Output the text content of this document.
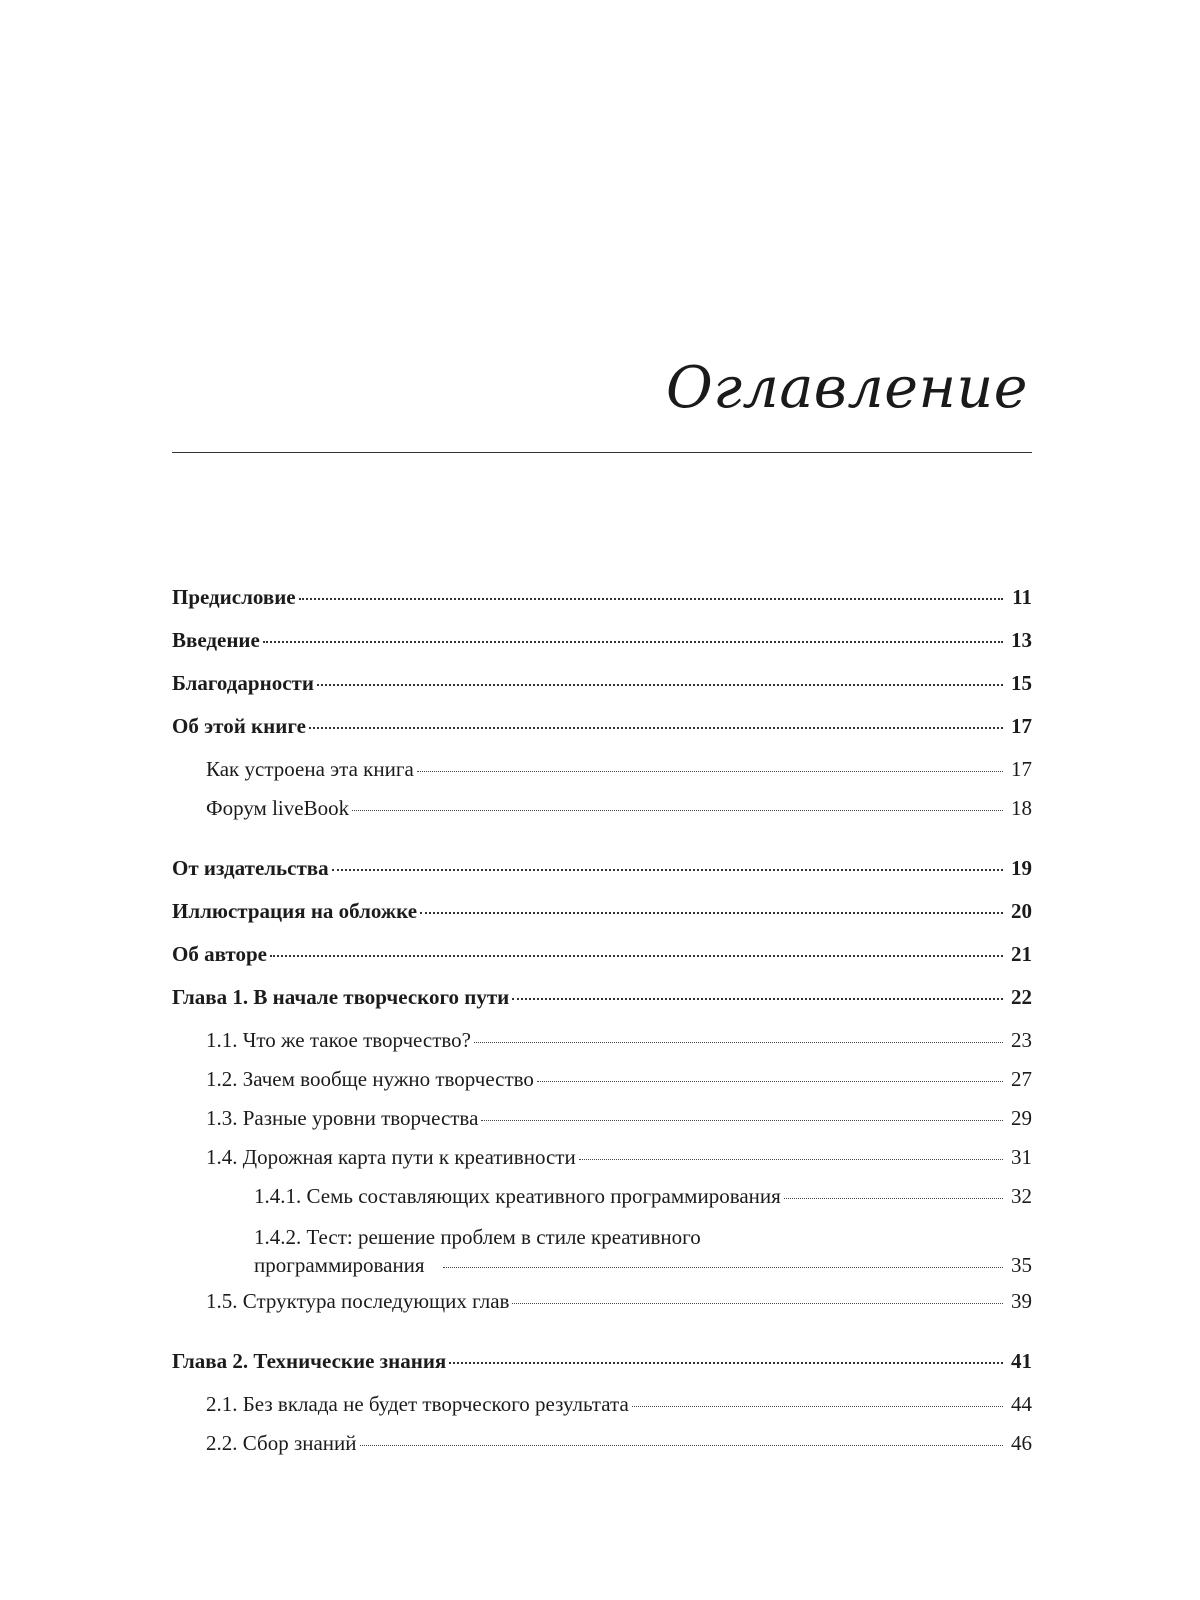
Оглавление
Предисловие	11
Введение	13
Благодарности	15
Об этой книге	17
Как устроена эта книга	17
Форум liveBook	18
От издательства	19
Иллюстрация на обложке	20
Об авторе	21
Глава 1. В начале творческого пути	22
1.1. Что же такое творчество?	23
1.2. Зачем вообще нужно творчество	27
1.3. Разные уровни творчества	29
1.4. Дорожная карта пути к креативности	31
1.4.1. Семь составляющих креативного программирования	32
1.4.2. Тест: решение проблем в стиле креативного
программирования	35
1.5. Структура последующих глав	39
Глава 2. Технические знания	41
2.1. Без вклада не будет творческого результата	44
2.2. Сбор знаний	46
